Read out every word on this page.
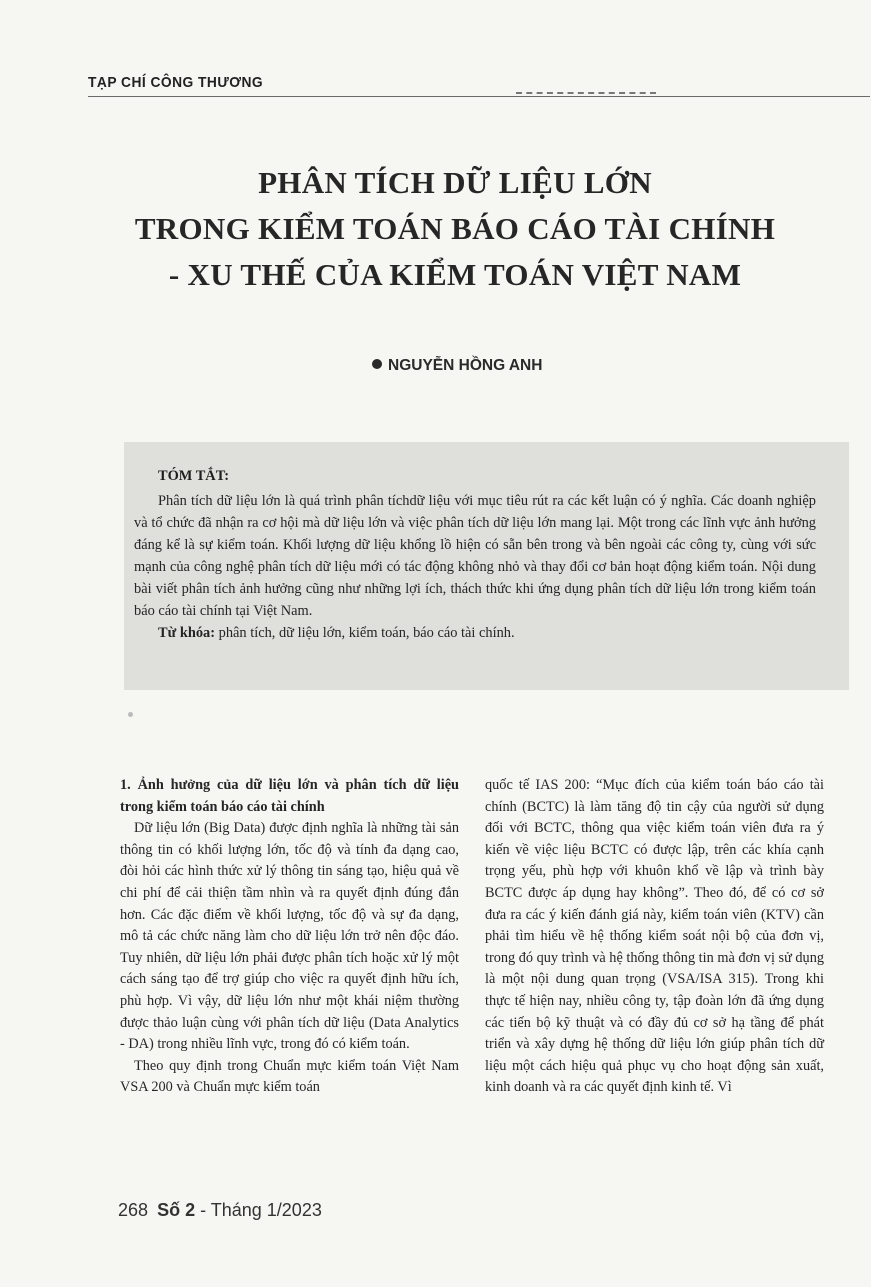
TẠP CHÍ CÔNG THƯƠNG
PHÂN TÍCH DỮ LIỆU LỚN
TRONG KIỂM TOÁN BÁO CÁO TÀI CHÍNH
- XU THẾ CỦA KIỂM TOÁN VIỆT NAM
NGUYỄN HỒNG ANH
TÓM TẮT:
Phân tích dữ liệu lớn là quá trình phân tíchdữ liệu với mục tiêu rút ra các kết luận có ý nghĩa. Các doanh nghiệp và tổ chức đã nhận ra cơ hội mà dữ liệu lớn và việc phân tích dữ liệu lớn mang lại. Một trong các lĩnh vực ảnh hưởng đáng kể là sự kiểm toán. Khối lượng dữ liệu khổng lồ hiện có sẵn bên trong và bên ngoài các công ty, cùng với sức mạnh của công nghệ phân tích dữ liệu mới có tác động không nhỏ và thay đổi cơ bản hoạt động kiểm toán. Nội dung bài viết phân tích ảnh hưởng cũng như những lợi ích, thách thức khi ứng dụng phân tích dữ liệu lớn trong kiểm toán báo cáo tài chính tại Việt Nam.
Từ khóa: phân tích, dữ liệu lớn, kiểm toán, báo cáo tài chính.

1. Ảnh hưởng của dữ liệu lớn và phân tích dữ liệu trong kiểm toán báo cáo tài chính

Dữ liệu lớn (Big Data) được định nghĩa là những tài sản thông tin có khối lượng lớn, tốc độ và tính đa dạng cao, đòi hỏi các hình thức xử lý thông tin sáng tạo, hiệu quả về chi phí để cải thiện tầm nhìn và ra quyết định đúng đắn hơn. Các đặc điểm về khối lượng, tốc độ và sự đa dạng, mô tả các chức năng làm cho dữ liệu lớn trở nên độc đáo. Tuy nhiên, dữ liệu lớn phải được phân tích hoặc xử lý một cách sáng tạo để trợ giúp cho việc ra quyết định hữu ích, phù hợp. Vì vậy, dữ liệu lớn như một khái niệm thường được thảo luận cùng với phân tích dữ liệu (Data Analytics - DA) trong nhiều lĩnh vực, trong đó có kiểm toán.

Theo quy định trong Chuẩn mực kiểm toán Việt Nam VSA 200 và Chuẩn mực kiểm toán

quốc tế IAS 200: “Mục đích của kiểm toán báo cáo tài chính (BCTC) là làm tăng độ tin cậy của người sử dụng đối với BCTC, thông qua việc kiểm toán viên đưa ra ý kiến về việc liệu BCTC có được lập, trên các khía cạnh trọng yếu, phù hợp với khuôn khổ về lập và trình bày BCTC được áp dụng hay không”. Theo đó, để có cơ sở đưa ra các ý kiến đánh giá này, kiểm toán viên (KTV) cần phải tìm hiểu về hệ thống kiểm soát nội bộ của đơn vị, trong đó quy trình và hệ thống thông tin mà đơn vị sử dụng là một nội dung quan trọng (VSA/ISA 315). Trong khi thực tế hiện nay, nhiều công ty, tập đoàn lớn đã ứng dụng các tiến bộ kỹ thuật và có đầy đủ cơ sở hạ tầng để phát triển và xây dựng hệ thống dữ liệu lớn giúp phân tích dữ liệu một cách hiệu quả phục vụ cho hoạt động sản xuất, kinh doanh và ra các quyết định kinh tế. Vì

268 Số 2 - Tháng 1/2023
